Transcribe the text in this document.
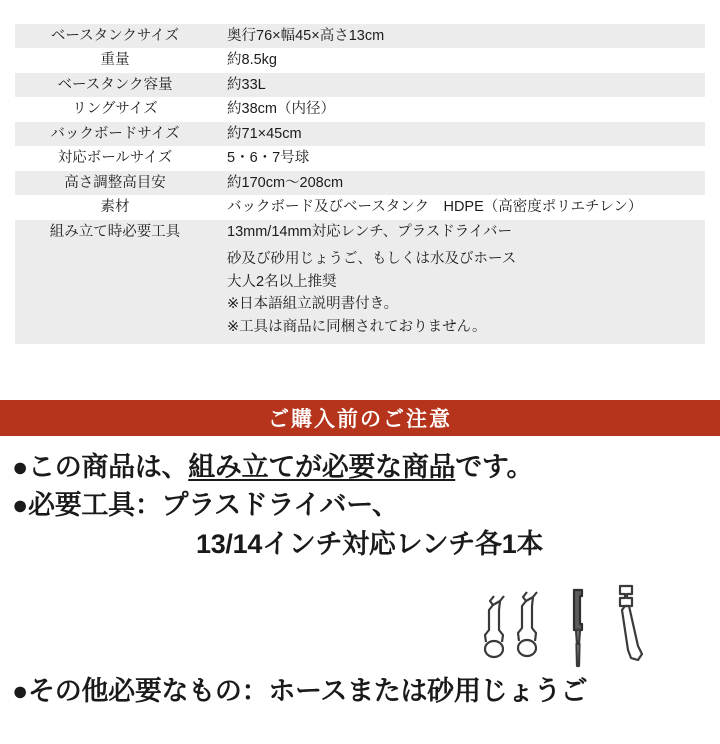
ベースタンクサイズ	奥行76×幅45×高さ13cm
重量	約8.5kg
ベースタンク容量	約33L
リングサイズ	約38cm（内径）
バックボードサイズ	約71×45cm
対応ボールサイズ	5・6・7号球
高さ調整高目安	約170cm～208cm
素材	バックボード及びベースタンク　HDPE（高密度ポリエチレン）
組み立て時必要工具	13mm/14mm対応レンチ、プラスドライバー

	砂及び砂用じょうご、もしくは水及びホース
大人2名以上推奨
※日本語組立説明書付き。
※工具は商品に同梱されておりません。
ご購入前のご注意
● この商品は、 組み立てが必要な商品 です。
● 必要工具：プラスドライバー、
13/14インチ対応レンチ各1本
● その他必要なもの：ホースまたは砂用じょうご
